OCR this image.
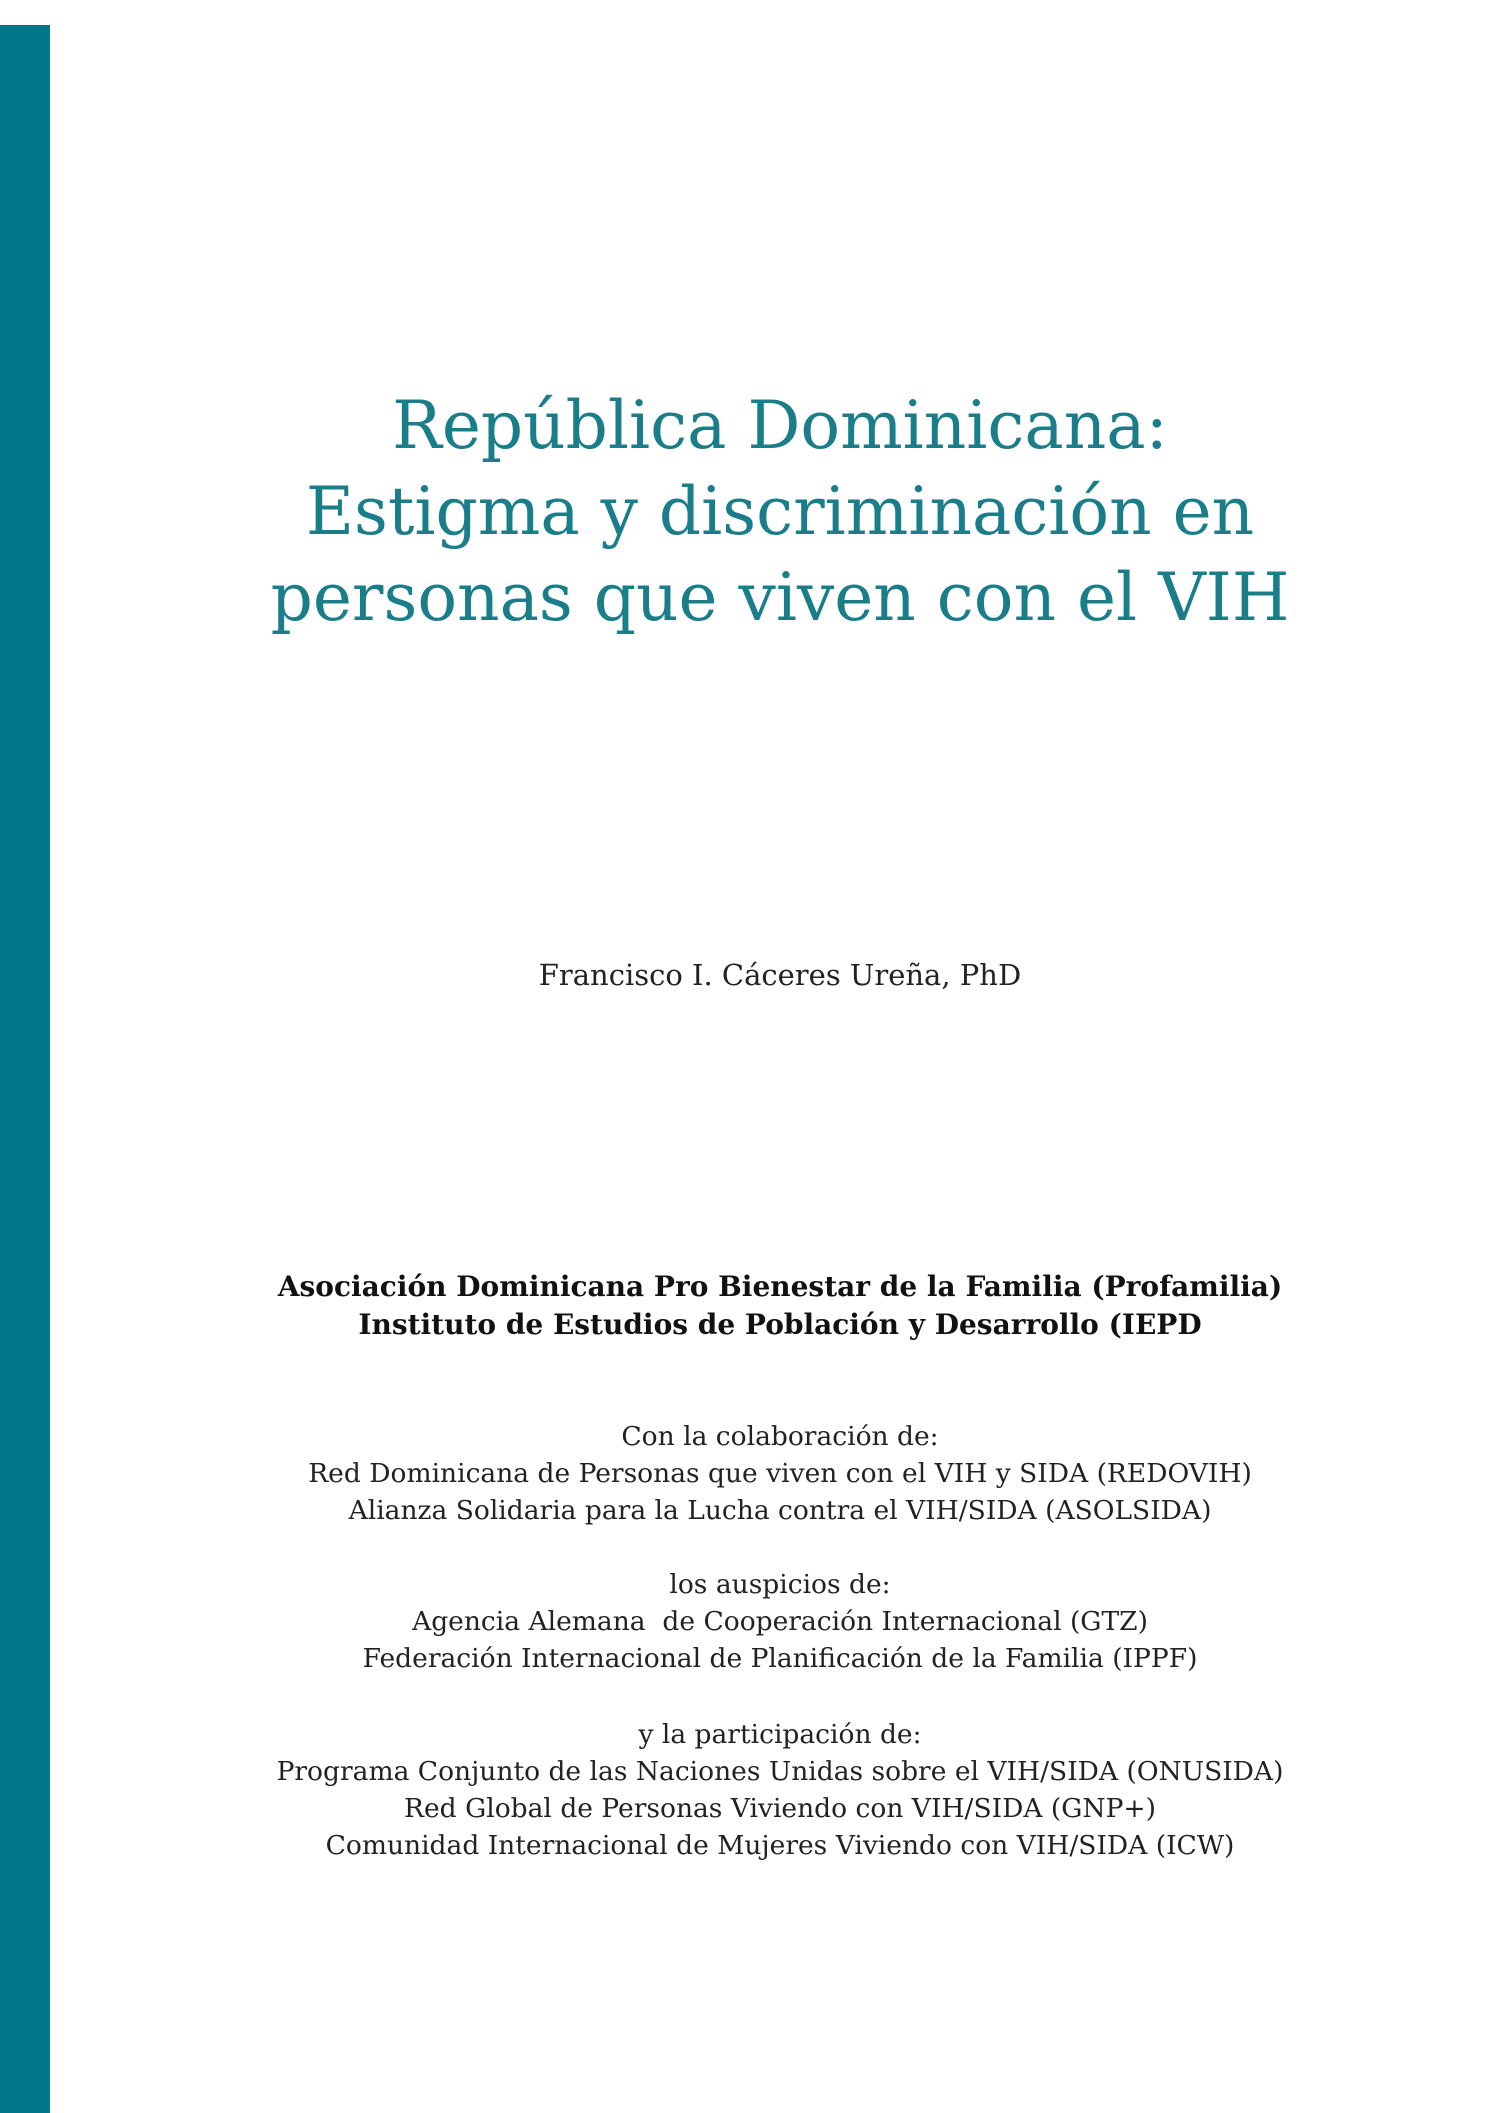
República Dominicana:
Estigma y discriminación en
personas que viven con el VIH
Francisco I. Cáceres Ureña, PhD
Asociación Dominicana Pro Bienestar de la Familia (Profamilia)
Instituto de Estudios de Población y Desarrollo (IEPD
Con la colaboración de:
Red Dominicana de Personas que viven con el VIH y SIDA (REDOVIH)
Alianza Solidaria para la Lucha contra el VIH/SIDA (ASOLSIDA)
los auspicios de:
Agencia Alemana  de Cooperación Internacional (GTZ)
Federación Internacional de Planificación de la Familia (IPPF)
y la participación de:
Programa Conjunto de las Naciones Unidas sobre el VIH/SIDA (ONUSIDA)
Red Global de Personas Viviendo con VIH/SIDA (GNP+)
Comunidad Internacional de Mujeres Viviendo con VIH/SIDA (ICW)
